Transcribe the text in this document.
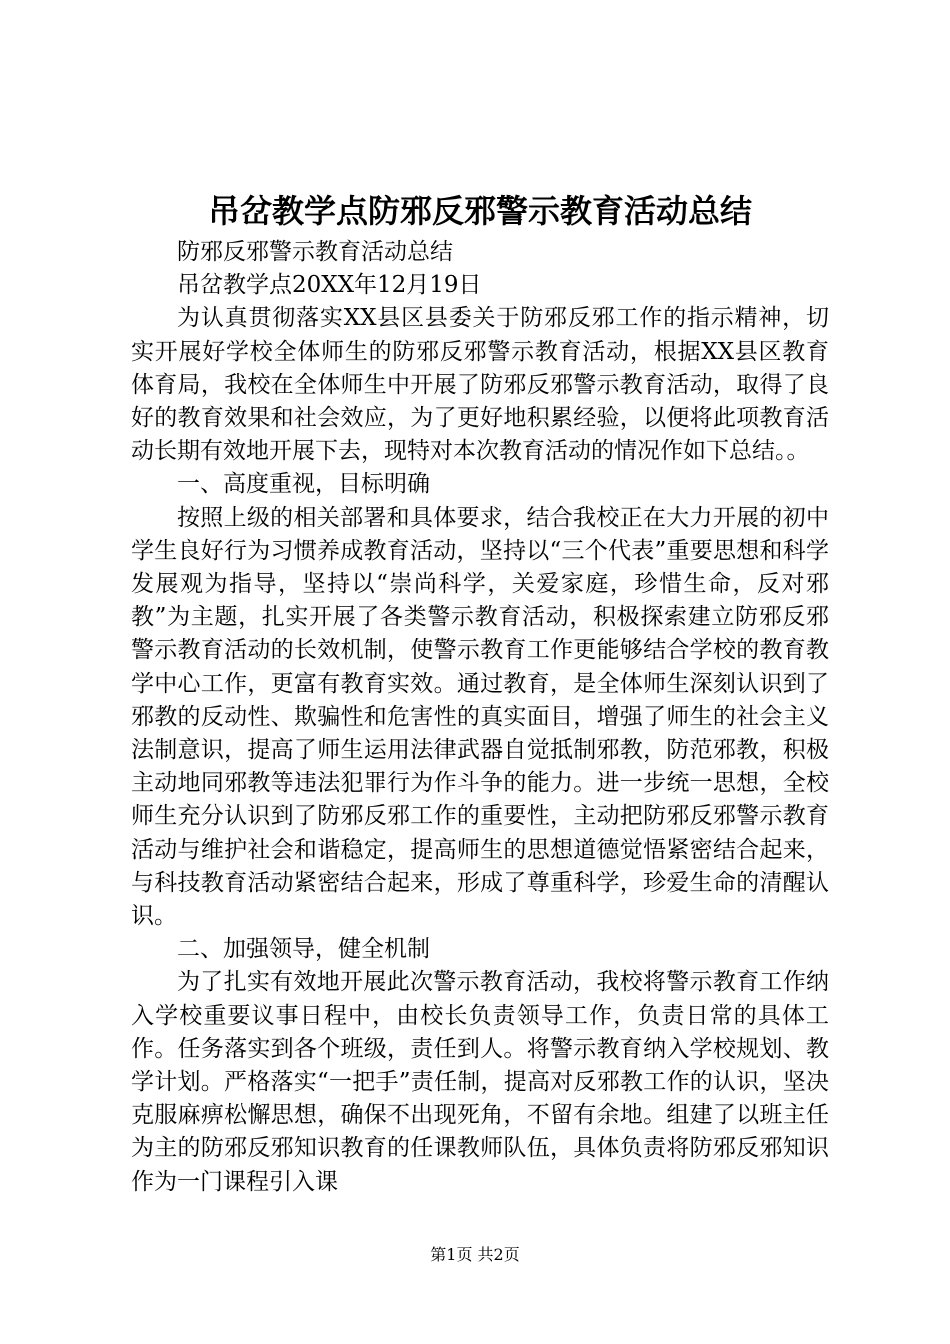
吊岔教学点防邪反邪警示教育活动总结

防邪反邪警示教育活动总结

吊岔教学点20XX年12月19日

为认真贯彻落实XX县区县委关于防邪反邪工作的指示精神，切实开展好学校全体师生的防邪反邪警示教育活动，根据XX县区教育体育局，我校在全体师生中开展了防邪反邪警示教育活动，取得了良好的教育效果和社会效应，为了更好地积累经验，以便将此项教育活动长期有效地开展下去，现特对本次教育活动的情况作如下总结。。

一、高度重视，目标明确

按照上级的相关部署和具体要求，结合我校正在大力开展的初中学生良好行为习惯养成教育活动，坚持以“三个代表”重要思想和科学发展观为指导，坚持以“崇尚科学，关爱家庭，珍惜生命，反对邪教”为主题，扎实开展了各类警示教育活动，积极探索建立防邪反邪警示教育活动的长效机制，使警示教育工作更能够结合学校的教育教学中心工作，更富有教育实效。通过教育，是全体师生深刻认识到了邪教的反动性、欺骗性和危害性的真实面目，增强了师生的社会主义法制意识，提高了师生运用法律武器自觉抵制邪教，防范邪教，积极主动地同邪教等违法犯罪行为作斗争的能力。进一步统一思想，全校师生充分认识到了防邪反邪工作的重要性，主动把防邪反邪警示教育活动与维护社会和谐稳定，提高师生的思想道德觉悟紧密结合起来，与科技教育活动紧密结合起来，形成了尊重科学，珍爱生命的清醒认识。

二、加强领导，健全机制

为了扎实有效地开展此次警示教育活动，我校将警示教育工作纳入学校重要议事日程中，由校长负责领导工作，负责日常的具体工作。任务落实到各个班级，责任到人。将警示教育纳入学校规划、教学计划。严格落实“一把手”责任制，提高对反邪教工作的认识，坚决克服麻痹松懈思想，确保不出现死角，不留有余地。组建了以班主任为主的防邪反邪知识教育的任课教师队伍，具体负责将防邪反邪知识作为一门课程引入课

第1页 共2页
